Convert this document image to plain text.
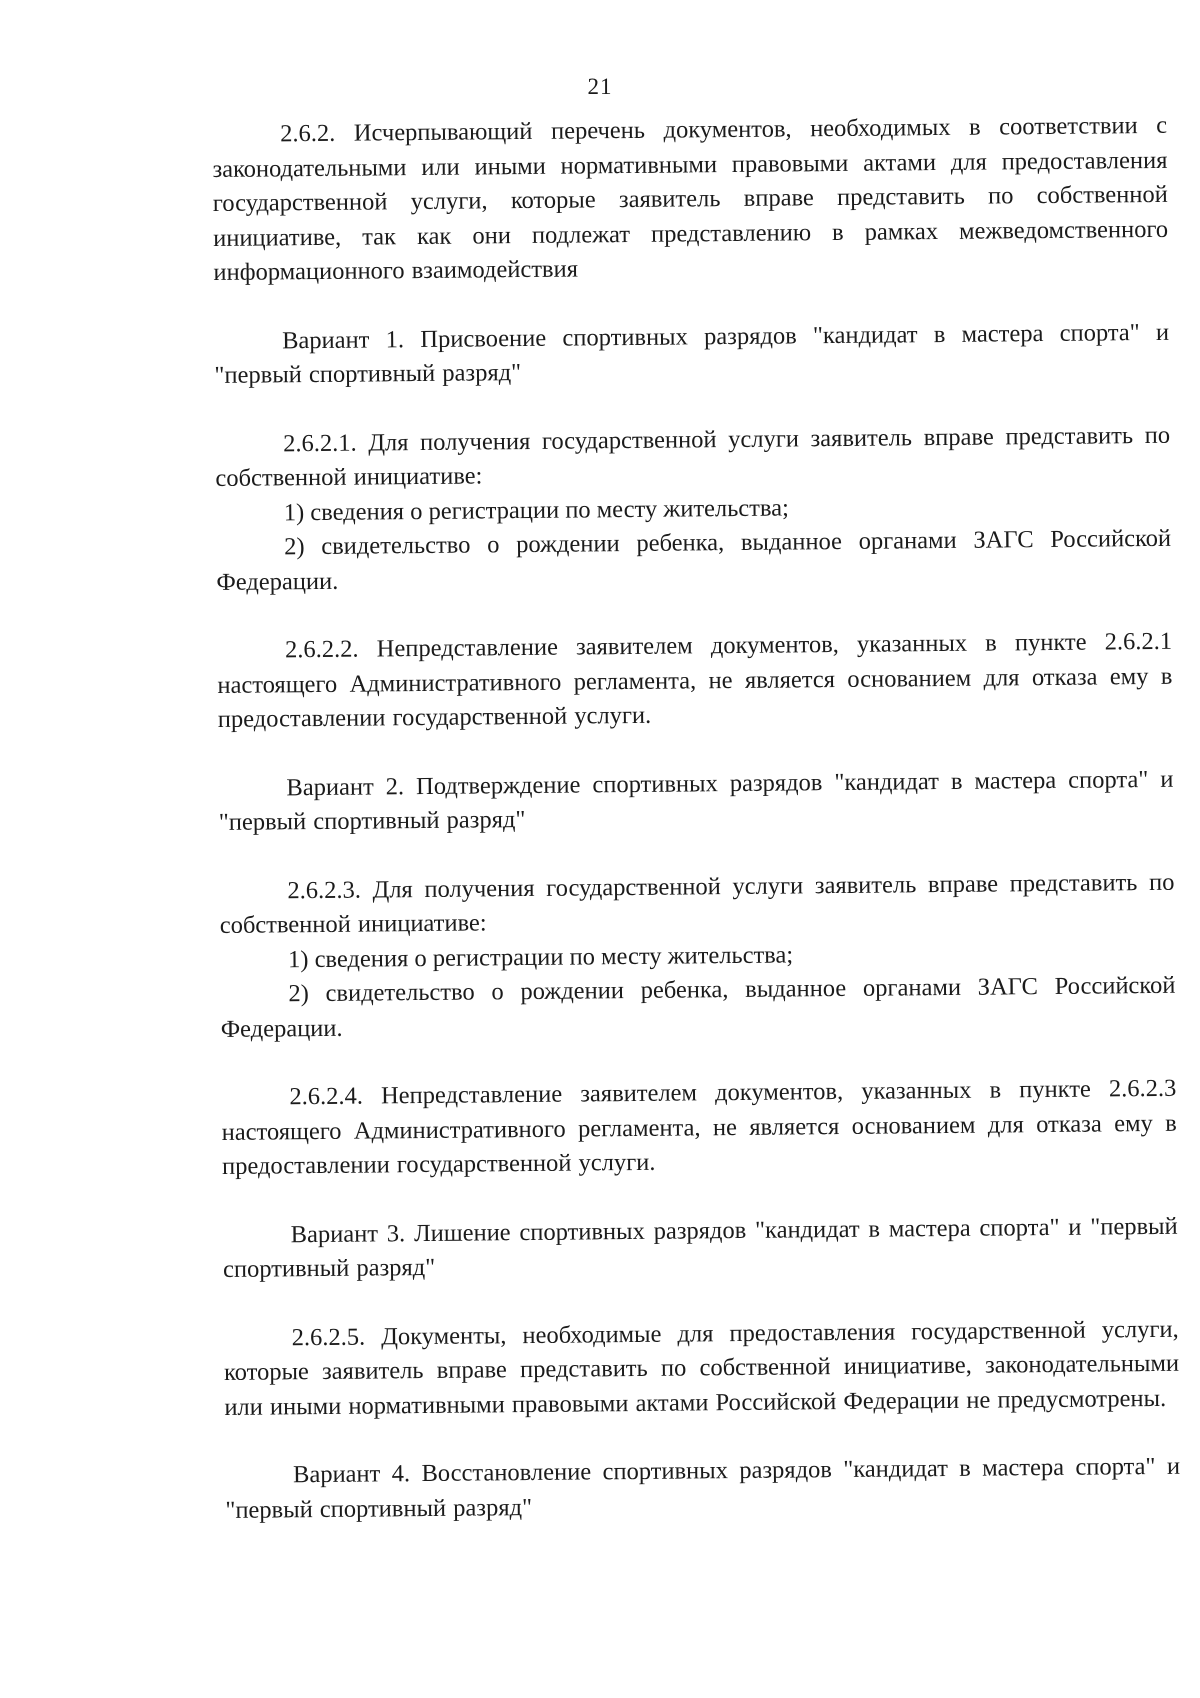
21

2.6.2. Исчерпывающий перечень документов, необходимых в соответствии с законодательными или иными нормативными правовыми актами для предоставления государственной услуги, которые заявитель вправе представить по собственной инициативе, так как они подлежат представлению в рамках межведомственного информационного взаимодействия

Вариант 1. Присвоение спортивных разрядов "кандидат в мастера спорта" и "первый спортивный разряд"

2.6.2.1. Для получения государственной услуги заявитель вправе представить по собственной инициативе:

1) сведения о регистрации по месту жительства;

2) свидетельство о рождении ребенка, выданное органами ЗАГС Российской Федерации.

2.6.2.2. Непредставление заявителем документов, указанных в пункте 2.6.2.1 настоящего Административного регламента, не является основанием для отказа ему в предоставлении государственной услуги.

Вариант 2. Подтверждение спортивных разрядов "кандидат в мастера спорта" и "первый спортивный разряд"

2.6.2.3. Для получения государственной услуги заявитель вправе представить по собственной инициативе:

1) сведения о регистрации по месту жительства;

2) свидетельство о рождении ребенка, выданное органами ЗАГС Российской Федерации.

2.6.2.4. Непредставление заявителем документов, указанных в пункте 2.6.2.3 настоящего Административного регламента, не является основанием для отказа ему в предоставлении государственной услуги.

Вариант 3. Лишение спортивных разрядов "кандидат в мастера спорта" и "первый спортивный разряд"

2.6.2.5. Документы, необходимые для предоставления государственной услуги, которые заявитель вправе представить по собственной инициативе, законодательными или иными нормативными правовыми актами Российской Федерации не предусмотрены.

Вариант 4. Восстановление спортивных разрядов "кандидат в мастера спорта" и "первый спортивный разряд"
